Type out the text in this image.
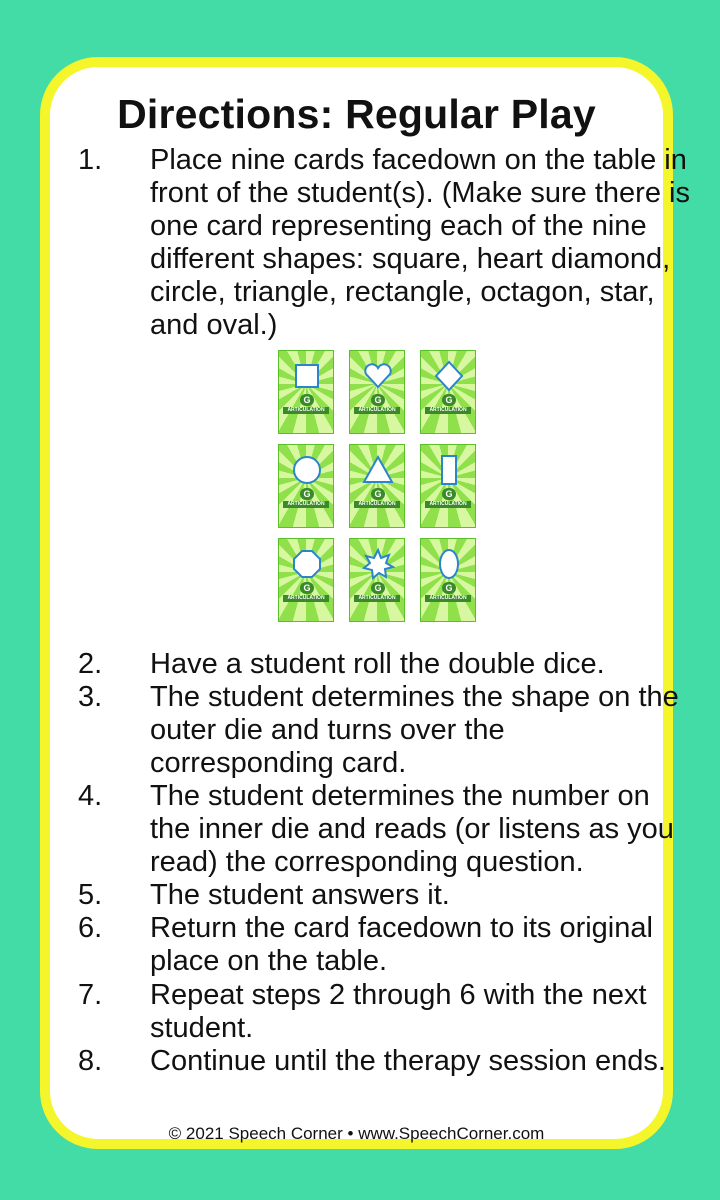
Directions: Regular Play
1. Place nine cards facedown on the table in front of the student(s). (Make sure there is one card representing each of the nine different shapes: square, heart diamond, circle, triangle, rectangle, octagon, star, and oval.)
G
ARTICULATION
G
ARTICULATION
G
ARTICULATION
G
ARTICULATION
G
ARTICULATION
G
ARTICULATION
G
ARTICULATION
G
ARTICULATION
G
ARTICULATION
2. Have a student roll the double dice.
3. The student determines the shape on the outer die and turns over the corresponding card.
4. The student determines the number on the inner die and reads (or listens as you read) the corresponding question.
5. The student answers it.
6. Return the card facedown to its original place on the table.
7. Repeat steps 2 through 6 with the next student.
8. Continue until the therapy session ends.
© 2021 Speech Corner • www.SpeechCorner.com
